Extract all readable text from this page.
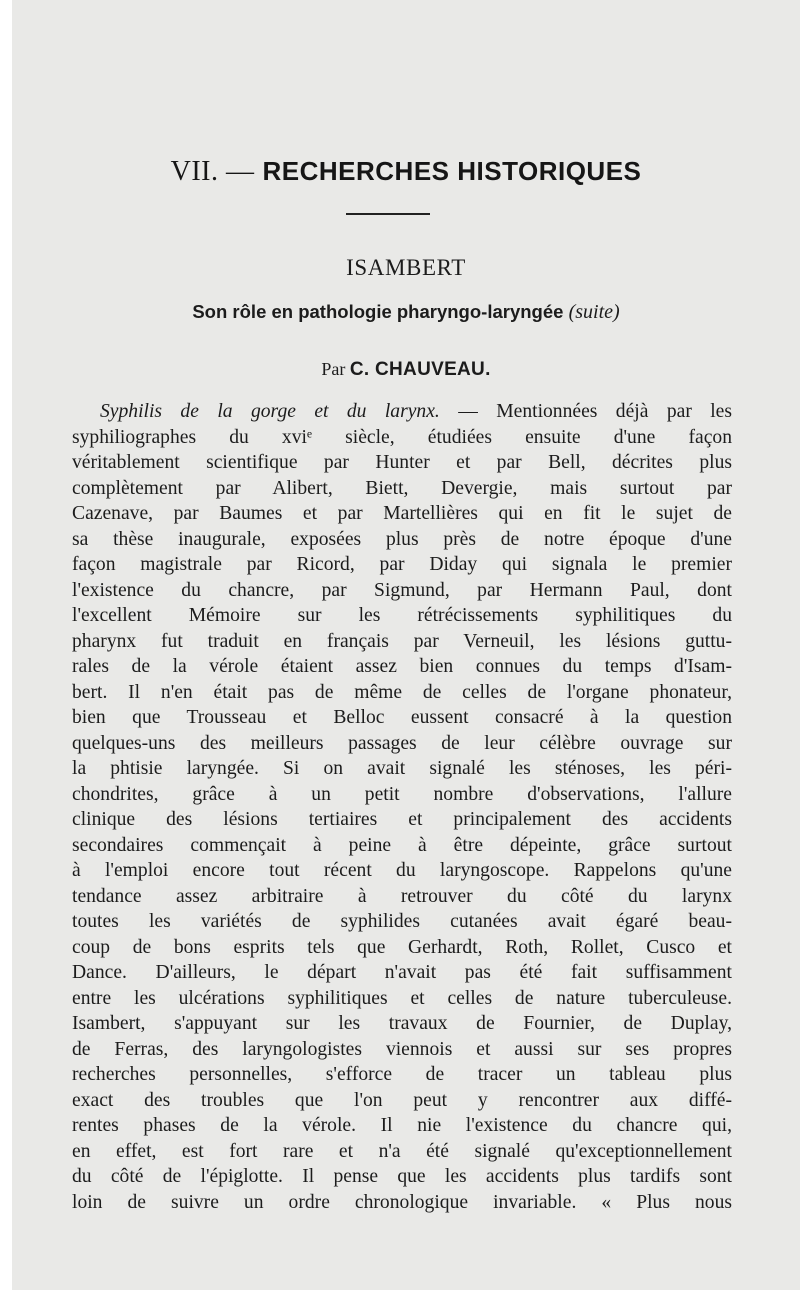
VII. — RECHERCHES HISTORIQUES
ISAMBERT
Son rôle en pathologie pharyngo-laryngée (suite)
Par C. CHAUVEAU.
Syphilis de la gorge et du larynx. — Mentionnées déjà par les
syphiliographes du xviᵉ siècle, étudiées ensuite d'une façon
véritablement scientifique par Hunter et par Bell, décrites plus
complètement par Alibert, Biett, Devergie, mais surtout par
Cazenave, par Baumes et par Martellières qui en fit le sujet de
sa thèse inaugurale, exposées plus près de notre époque d'une
façon magistrale par Ricord, par Diday qui signala le premier
l'existence du chancre, par Sigmund, par Hermann Paul, dont
l'excellent Mémoire sur les rétrécissements syphilitiques du
pharynx fut traduit en français par Verneuil, les lésions guttu-
rales de la vérole étaient assez bien connues du temps d'Isam-
bert. Il n'en était pas de même de celles de l'organe phonateur,
bien que Trousseau et Belloc eussent consacré à la question
quelques-uns des meilleurs passages de leur célèbre ouvrage sur
la phtisie laryngée. Si on avait signalé les sténoses, les péri-
chondrites, grâce à un petit nombre d'observations, l'allure
clinique des lésions tertiaires et principalement des accidents
secondaires commençait à peine à être dépeinte, grâce surtout
à l'emploi encore tout récent du laryngoscope. Rappelons qu'une
tendance assez arbitraire à retrouver du côté du larynx
toutes les variétés de syphilides cutanées avait égaré beau-
coup de bons esprits tels que Gerhardt, Roth, Rollet, Cusco et
Dance. D'ailleurs, le départ n'avait pas été fait suffisamment
entre les ulcérations syphilitiques et celles de nature tuberculeuse.
Isambert, s'appuyant sur les travaux de Fournier, de Duplay,
de Ferras, des laryngologistes viennois et aussi sur ses propres
recherches personnelles, s'efforce de tracer un tableau plus
exact des troubles que l'on peut y rencontrer aux diffé-
rentes phases de la vérole. Il nie l'existence du chancre qui,
en effet, est fort rare et n'a été signalé qu'exceptionnellement
du côté de l'épiglotte. Il pense que les accidents plus tardifs sont
loin de suivre un ordre chronologique invariable. « Plus nous
